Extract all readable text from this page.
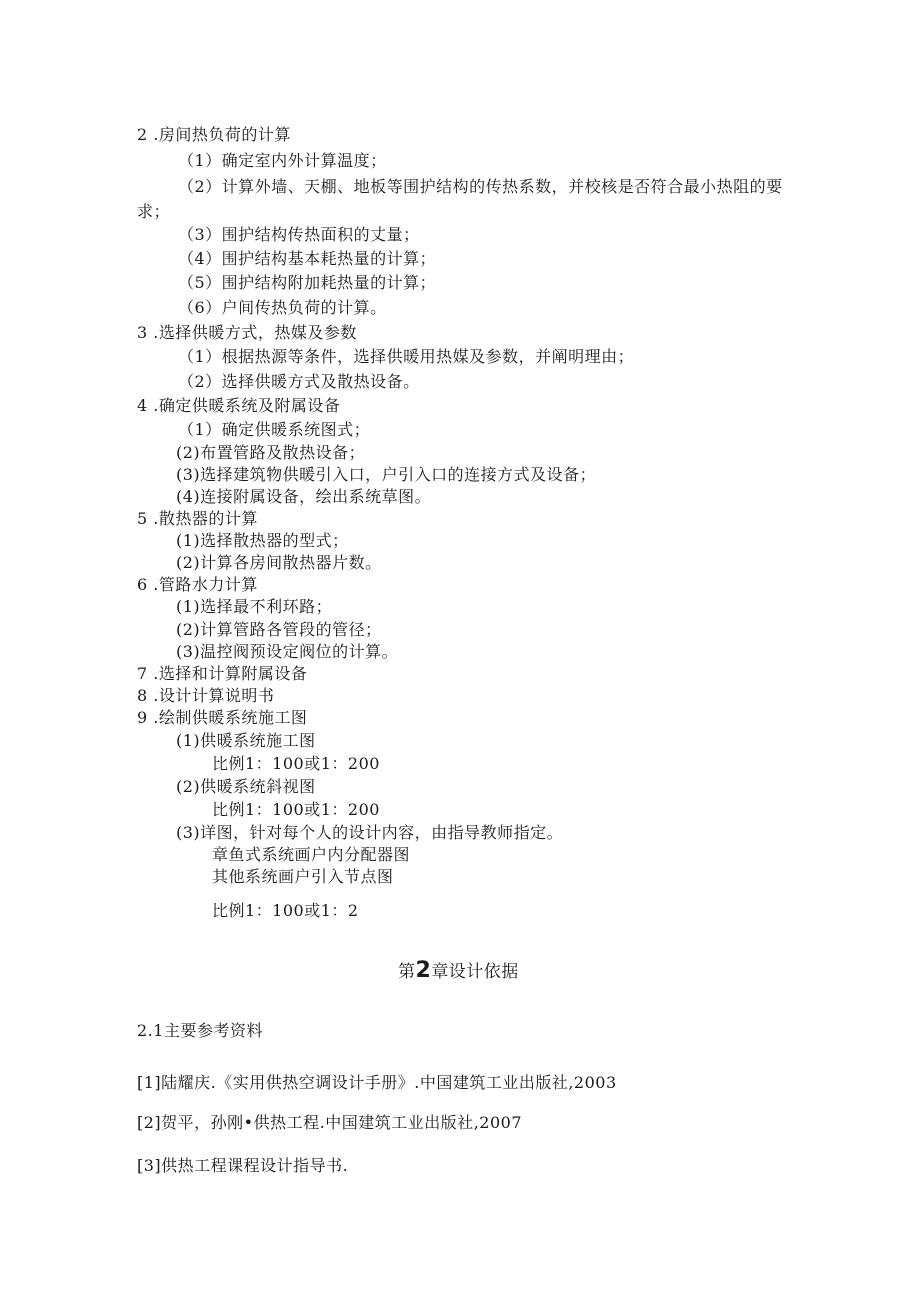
2 .房间热负荷的计算
（1）确定室内外计算温度；
（2）计算外墙、天棚、地板等围护结构的传热系数，并校核是否符合最小热阻的要
求；
（3）围护结构传热面积的丈量；
（4）围护结构基本耗热量的计算；
（5）围护结构附加耗热量的计算；
（6）户间传热负荷的计算。
3 .选择供暖方式，热媒及参数
（1）根据热源等条件，选择供暖用热媒及参数，并阐明理由；
（2）选择供暖方式及散热设备。
4 .确定供暖系统及附属设备
（1）确定供暖系统图式；
(2)布置管路及散热设备；
(3)选择建筑物供暖引入口，户引入口的连接方式及设备；
(4)连接附属设备，绘出系统草图。
5 .散热器的计算
(1)选择散热器的型式；
(2)计算各房间散热器片数。
6 .管路水力计算
(1)选择最不利环路；
(2)计算管路各管段的管径；
(3)温控阀预设定阀位的计算。
7 .选择和计算附属设备
8 .设计计算说明书
9 .绘制供暖系统施工图
(1)供暖系统施工图
比例1：100或1：200
(2)供暖系统斜视图
比例1：100或1：200
(3)详图，针对每个人的设计内容，由指导教师指定。
章鱼式系统画户内分配器图
其他系统画户引入节点图
比例1：100或1：2
第2章设计依据
2.1主要参考资料
[1]陆耀庆.《实用供热空调设计手册》.中国建筑工业出版社,2003
[2]贺平，孙刚•供热工程.中国建筑工业出版社,2007
[3]供热工程课程设计指导书.
